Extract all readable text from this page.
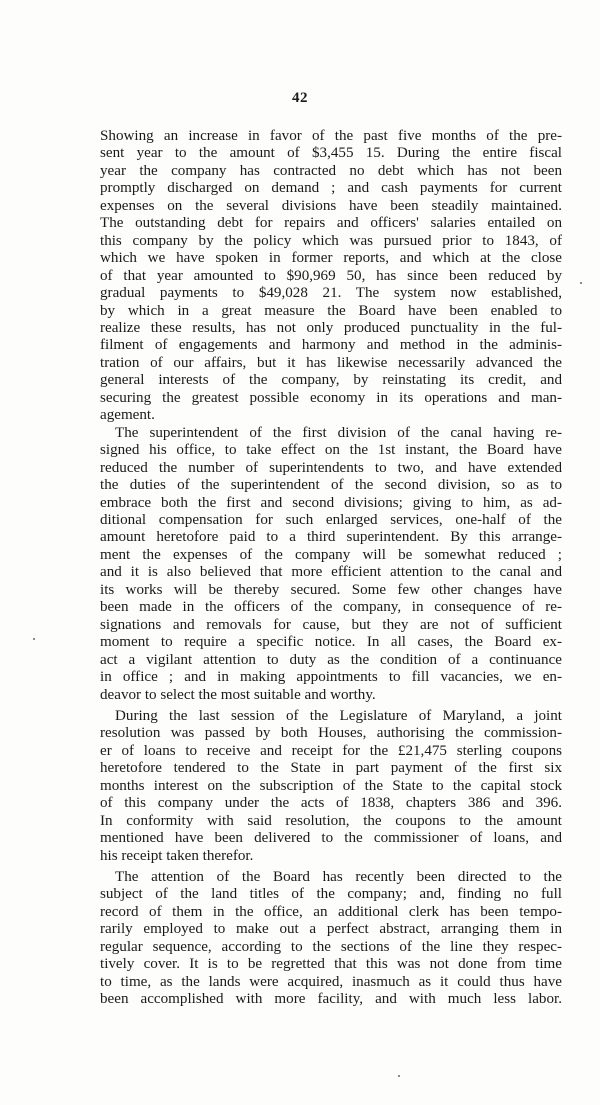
42

Showing an increase in favor of the past five months of the pre-
sent year to the amount of $3,455 15. During the entire fiscal
year the company has contracted no debt which has not been
promptly discharged on demand ; and cash payments for current
expenses on the several divisions have been steadily maintained.
The outstanding debt for repairs and officers' salaries entailed on
this company by the policy which was pursued prior to 1843, of
which we have spoken in former reports, and which at the close
of that year amounted to $90,969 50, has since been reduced by
gradual payments to $49,028 21. The system now established,
by which in a great measure the Board have been enabled to
realize these results, has not only produced punctuality in the ful-
filment of engagements and harmony and method in the adminis-
tration of our affairs, but it has likewise necessarily advanced the
general interests of the company, by reinstating its credit, and
securing the greatest possible economy in its operations and man-
agement.

The superintendent of the first division of the canal having re-
signed his office, to take effect on the 1st instant, the Board have
reduced the number of superintendents to two, and have extended
the duties of the superintendent of the second division, so as to
embrace both the first and second divisions; giving to him, as ad-
ditional compensation for such enlarged services, one-half of the
amount heretofore paid to a third superintendent. By this arrange-
ment the expenses of the company will be somewhat reduced ;
and it is also believed that more efficient attention to the canal and
its works will be thereby secured. Some few other changes have
been made in the officers of the company, in consequence of re-
signations and removals for cause, but they are not of sufficient
moment to require a specific notice. In all cases, the Board ex-
act a vigilant attention to duty as the condition of a continuance
in office ; and in making appointments to fill vacancies, we en-
deavor to select the most suitable and worthy.

During the last session of the Legislature of Maryland, a joint
resolution was passed by both Houses, authorising the commission-
er of loans to receive and receipt for the £21,475 sterling coupons
heretofore tendered to the State in part payment of the first six
months interest on the subscription of the State to the capital stock
of this company under the acts of 1838, chapters 386 and 396.
In conformity with said resolution, the coupons to the amount
mentioned have been delivered to the commissioner of loans, and
his receipt taken therefor.

The attention of the Board has recently been directed to the
subject of the land titles of the company; and, finding no full
record of them in the office, an additional clerk has been tempo-
rarily employed to make out a perfect abstract, arranging them in
regular sequence, according to the sections of the line they respec-
tively cover. It is to be regretted that this was not done from time
to time, as the lands were acquired, inasmuch as it could thus have
been accomplished with more facility, and with much less labor.
